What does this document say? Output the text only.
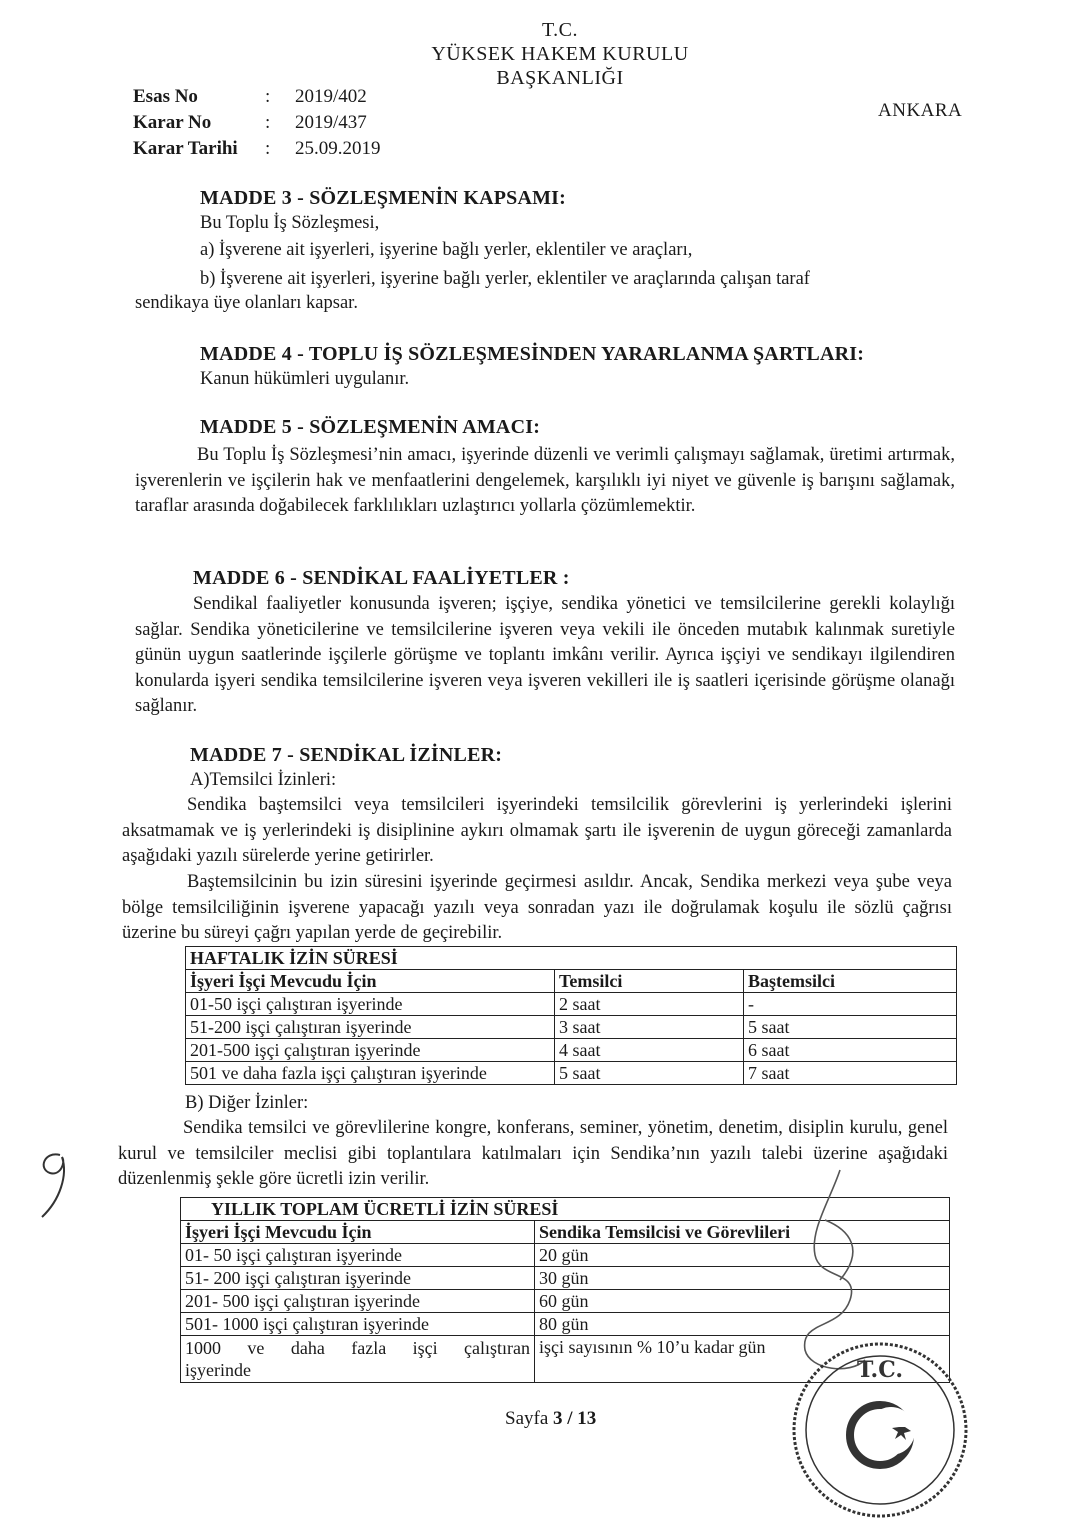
T.C.
YÜKSEK HAKEM KURULU
BAŞKANLIĞI
Esas No	:	2019/402
Karar No	:	2019/437
Karar Tarihi	:	25.09.2019
ANKARA
MADDE 3 - SÖZLEŞMENİN KAPSAMI:
Bu Toplu İş Sözleşmesi,
a) İşverene ait işyerleri, işyerine bağlı yerler, eklentiler ve araçları,
b) İşverene ait işyerleri, işyerine bağlı yerler, eklentiler ve araçlarında çalışan taraf
sendikaya üye olanları kapsar.
MADDE 4 - TOPLU İŞ SÖZLEŞMESİNDEN YARARLANMA ŞARTLARI:
Kanun hükümleri uygulanır.
MADDE 5 - SÖZLEŞMENİN AMACI:
Bu Toplu İş Sözleşmesi’nin amacı, işyerinde düzenli ve verimli çalışmayı sağlamak, üretimi artırmak, işverenlerin ve işçilerin hak ve menfaatlerini dengelemek, karşılıklı iyi niyet ve güvenle iş barışını sağlamak, taraflar arasında doğabilecek farklılıkları uzlaştırıcı yollarla çözümlemektir.
MADDE 6 - SENDİKAL FAALİYETLER :
Sendikal faaliyetler konusunda işveren; işçiye, sendika yönetici ve temsilcilerine gerekli kolaylığı sağlar. Sendika yöneticilerine ve temsilcilerine işveren veya vekili ile önceden mutabık kalınmak suretiyle günün uygun saatlerinde işçilerle görüşme ve toplantı imkânı verilir. Ayrıca işçiyi ve sendikayı ilgilendiren konularda işyeri sendika temsilcilerine işveren veya işveren vekilleri ile iş saatleri içerisinde görüşme olanağı sağlanır.
MADDE 7 - SENDİKAL İZİNLER:
A)Temsilci İzinleri:
Sendika baştemsilci veya temsilcileri işyerindeki temsilcilik görevlerini iş yerlerindeki işlerini aksatmamak ve iş yerlerindeki iş disiplinine aykırı olmamak şartı ile işverenin de uygun göreceği zamanlarda aşağıdaki yazılı sürelerde yerine getirirler.
Baştemsilcinin bu izin süresini işyerinde geçirmesi asıldır. Ancak, Sendika merkezi veya şube veya bölge temsilciliğinin işverene yapacağı yazılı veya sonradan yazı ile doğrulamak koşulu ile sözlü çağrısı üzerine bu süreyi çağrı yapılan yerde de geçirebilir.
HAFTALIK İZİN SÜRESİ		
İşyeri İşçi Mevcudu İçin	Temsilci	Baştemsilci
01-50 işçi çalıştıran işyerinde	2 saat	-
51-200 işçi çalıştıran işyerinde	3 saat	5 saat
201-500 işçi çalıştıran işyerinde	4 saat	6 saat
501 ve daha fazla işçi çalıştıran işyerinde	5 saat	7 saat
B) Diğer İzinler:
Sendika temsilci ve görevlilerine kongre, konferans, seminer, yönetim, denetim, disiplin kurulu, genel kurul ve temsilciler meclisi gibi toplantılara katılmaları için Sendika’nın yazılı talebi üzerine aşağıdaki düzenlenmiş şekle göre ücretli izin verilir.
YILLIK TOPLAM ÜCRETLİ İZİN SÜRESİ	
İşyeri İşçi Mevcudu İçin	Sendika Temsilcisi ve Görevlileri
01- 50 işçi çalıştıran işyerinde	20 gün
51- 200 işçi çalıştıran işyerinde	30 gün
201- 500 işçi çalıştıran işyerinde	60 gün
501- 1000 işçi çalıştıran işyerinde	80 gün

1000 ve daha fazla işçi çalıştıran
işyerinde	işçi sayısının % 10’u kadar gün
Sayfa 3 / 13
T.C.
